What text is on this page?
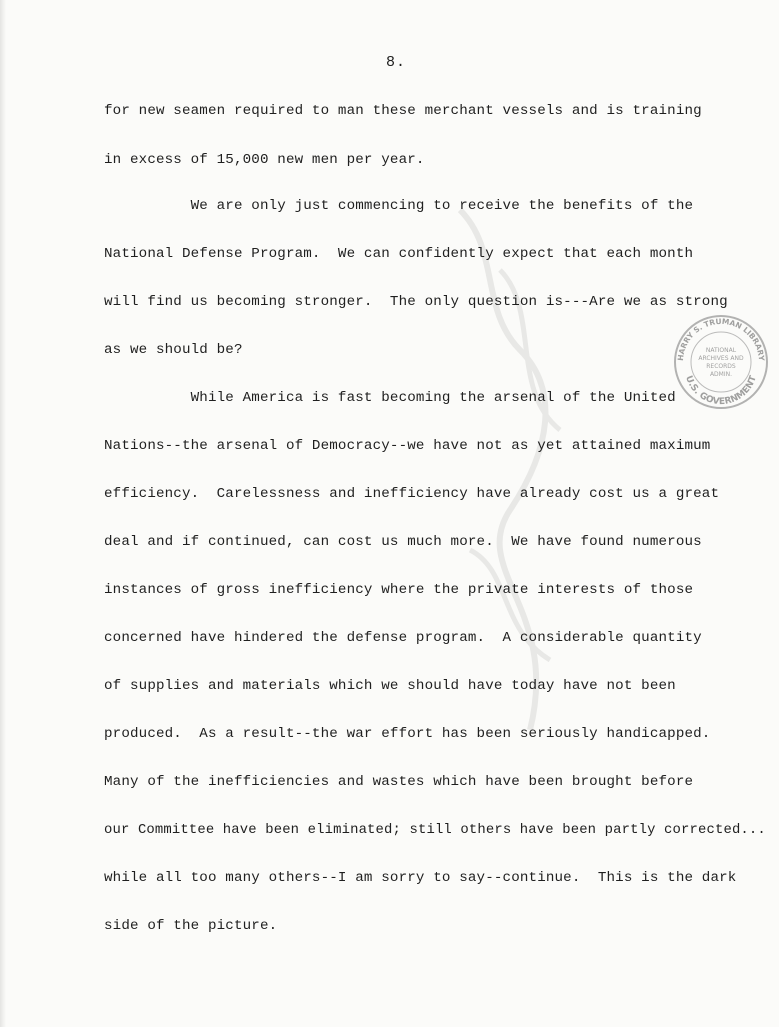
8.
for new seamen required to man these merchant vessels and is training
in excess of 15,000 new men per year.
We are only just commencing to receive the benefits of the
National Defense Program.  We can confidently expect that each month
will find us becoming stronger.  The only question is---Are we as strong
as we should be?
While America is fast becoming the arsenal of the United
Nations--the arsenal of Democracy--we have not as yet attained maximum
efficiency.  Carelessness and inefficiency have already cost us a great
deal and if continued, can cost us much more.  We have found numerous
instances of gross inefficiency where the private interests of those
concerned have hindered the defense program.  A considerable quantity
of supplies and materials which we should have today have not been
produced.  As a result--the war effort has been seriously handicapped.
Many of the inefficiencies and wastes which have been brought before
our Committee have been eliminated; still others have been partly corrected...
while all too many others--I am sorry to say--continue.  This is the dark
side of the picture.
HARRY S. TRUMAN LIBRARY
U.S. GOVERNMENT
NATIONAL
ARCHIVES AND
RECORDS
ADMIN.
